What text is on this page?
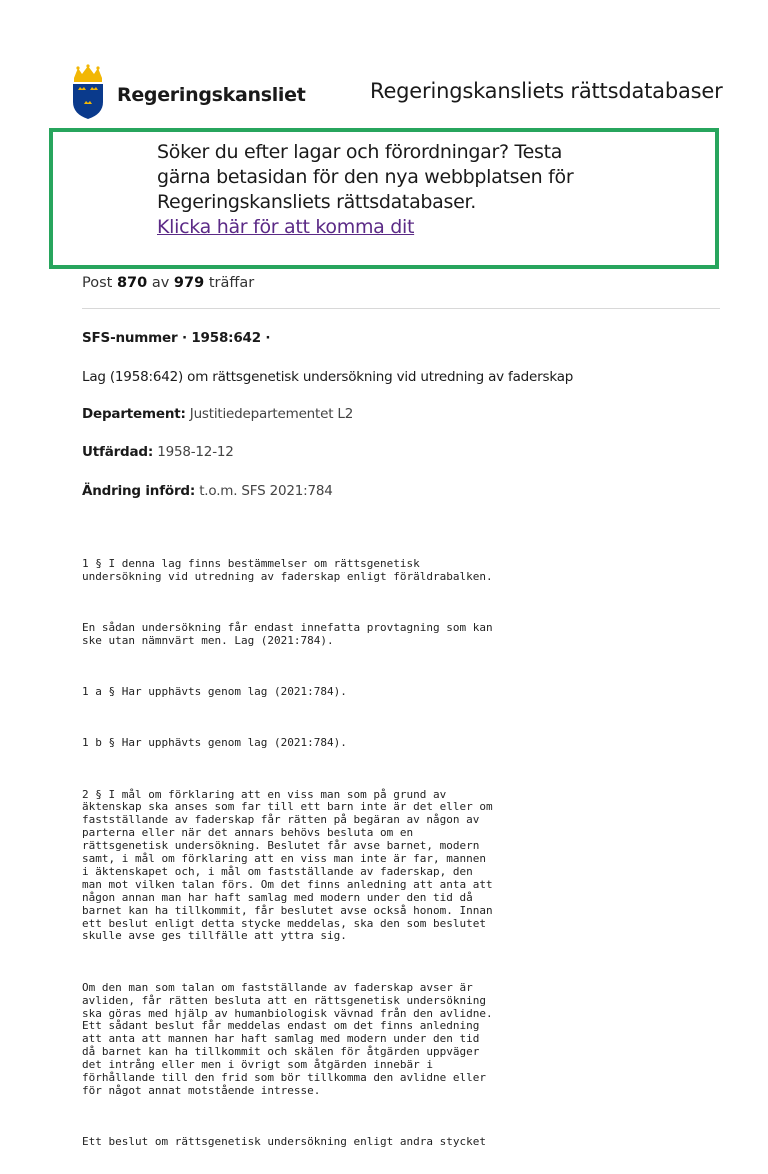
Regeringskansliet	Regeringskansliets rättsdatabaser
Söker du efter lagar och förordningar? Testa
gärna betasidan för den nya webbplatsen för
Regeringskansliets rättsdatabaser.
Klicka här för att komma dit
Post 870 av 979 träffar
SFS-nummer · 1958:642 ·
Lag (1958:642) om rättsgenetisk undersökning vid utredning av faderskap
Departement: Justitiedepartementet L2
Utfärdad: 1958-12-12
Ändring införd: t.o.m. SFS 2021:784

1 § I denna lag finns bestämmelser om rättsgenetisk
undersökning vid utredning av faderskap enligt föräldrabalken.

En sådan undersökning får endast innefatta provtagning som kan
ske utan nämnvärt men. Lag (2021:784).

1 a § Har upphävts genom lag (2021:784).

1 b § Har upphävts genom lag (2021:784).

2 § I mål om förklaring att en viss man som på grund av
äktenskap ska anses som far till ett barn inte är det eller om
fastställande av faderskap får rätten på begäran av någon av
parterna eller när det annars behövs besluta om en
rättsgenetisk undersökning. Beslutet får avse barnet, modern
samt, i mål om förklaring att en viss man inte är far, mannen
i äktenskapet och, i mål om fastställande av faderskap, den
man mot vilken talan förs. Om det finns anledning att anta att
någon annan man har haft samlag med modern under den tid då
barnet kan ha tillkommit, får beslutet avse också honom. Innan
ett beslut enligt detta stycke meddelas, ska den som beslutet
skulle avse ges tillfälle att yttra sig.

Om den man som talan om fastställande av faderskap avser är
avliden, får rätten besluta att en rättsgenetisk undersökning
ska göras med hjälp av humanbiologisk vävnad från den avlidne.
Ett sådant beslut får meddelas endast om det finns anledning
att anta att mannen har haft samlag med modern under den tid
då barnet kan ha tillkommit och skälen för åtgärden uppväger
det intrång eller men i övrigt som åtgärden innebär i
förhållande till den frid som bör tillkomma den avlidne eller
för något annat motstående intresse.

Ett beslut om rättsgenetisk undersökning enligt andra stycket
